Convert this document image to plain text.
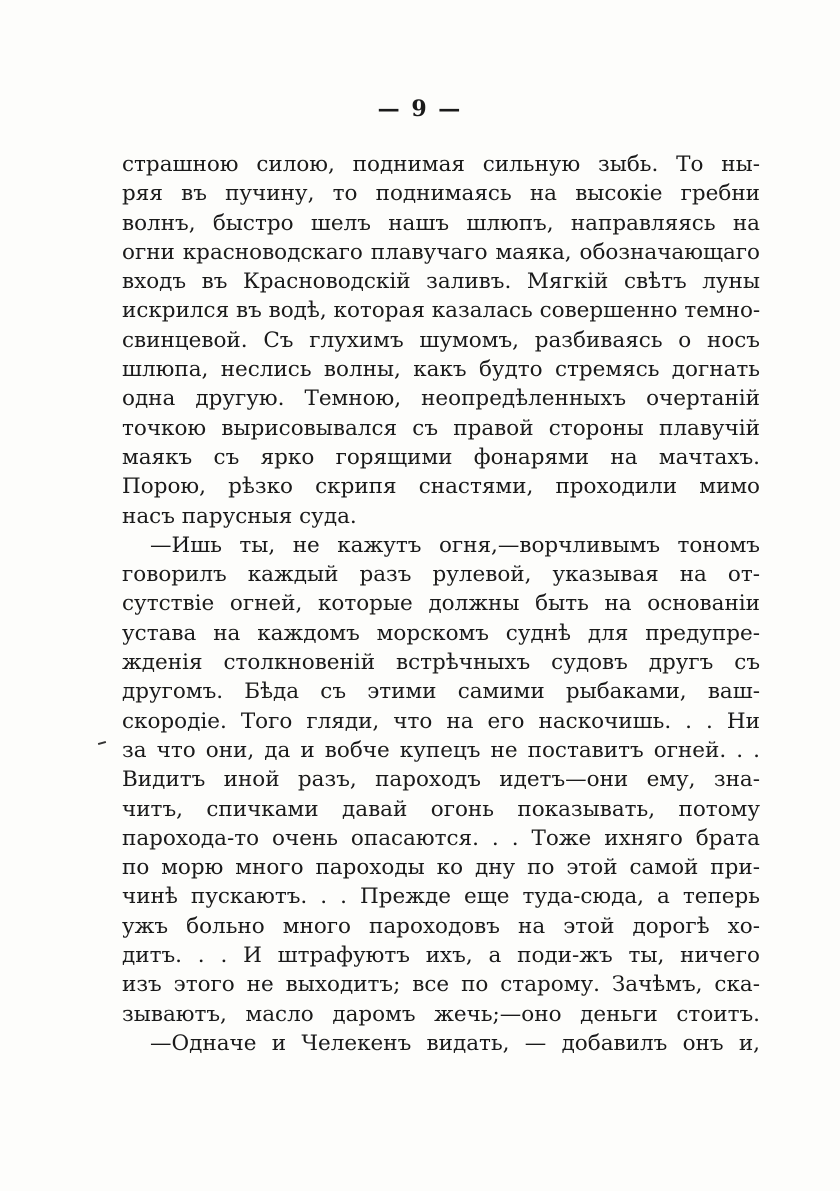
— 9 —
страшною силою, поднимая сильную зыбь. То ны-
ряя въ пучину, то поднимаясь на высокiе гребни
волнъ, быстро шелъ нашъ шлюпъ, направляясь на
огни красноводскаго плавучаго маяка, обозначающаго
входъ въ Красноводскiй заливъ. Мягкiй свѣтъ луны
искрился въ водѣ, которая казалась совершенно темно-
свинцевой. Съ глухимъ шумомъ, разбиваясь о носъ
шлюпа, неслись волны, какъ будто стремясь догнать
одна другую. Темною, неопредѣленныхъ очертанiй
точкою вырисовывался съ правой стороны плавучiй
маякъ съ ярко горящими фонарями на мачтахъ.
Порою, рѣзко скрипя снастями, проходили мимо
насъ парусныя суда.
—Ишь ты, не кажутъ огня,—ворчливымъ тономъ
говорилъ каждый разъ рулевой, указывая на от-
сутствiе огней, которые должны быть на основанiи
устава на каждомъ морскомъ суднѣ для предупре-
жденiя столкновенiй встрѣчныхъ судовъ другъ съ
другомъ. Бѣда съ этими самими рыбаками, ваш-
скородiе. Того гляди, что на его наскочишь. . . Ни
за что они, да и вобче купецъ не поставитъ огней. . .
Видитъ иной разъ, пароходъ идетъ—они ему, зна-
читъ, спичками давай огонь показывать, потому
парохода-то очень опасаются. . . Тоже ихняго брата
по морю много пароходы ко дну по этой самой при-
чинѣ пускаютъ. . . Прежде еще туда-сюда, а теперь
ужъ больно много пароходовъ на этой дорогѣ хо-
дитъ. . . И штрафуютъ ихъ, а поди-жъ ты, ничего
изъ этого не выходитъ; все по старому. Зачѣмъ, ска-
зываютъ, масло даромъ жечь;—оно деньги стоитъ.
—Одначе и Челекенъ видать, — добавилъ онъ и,
